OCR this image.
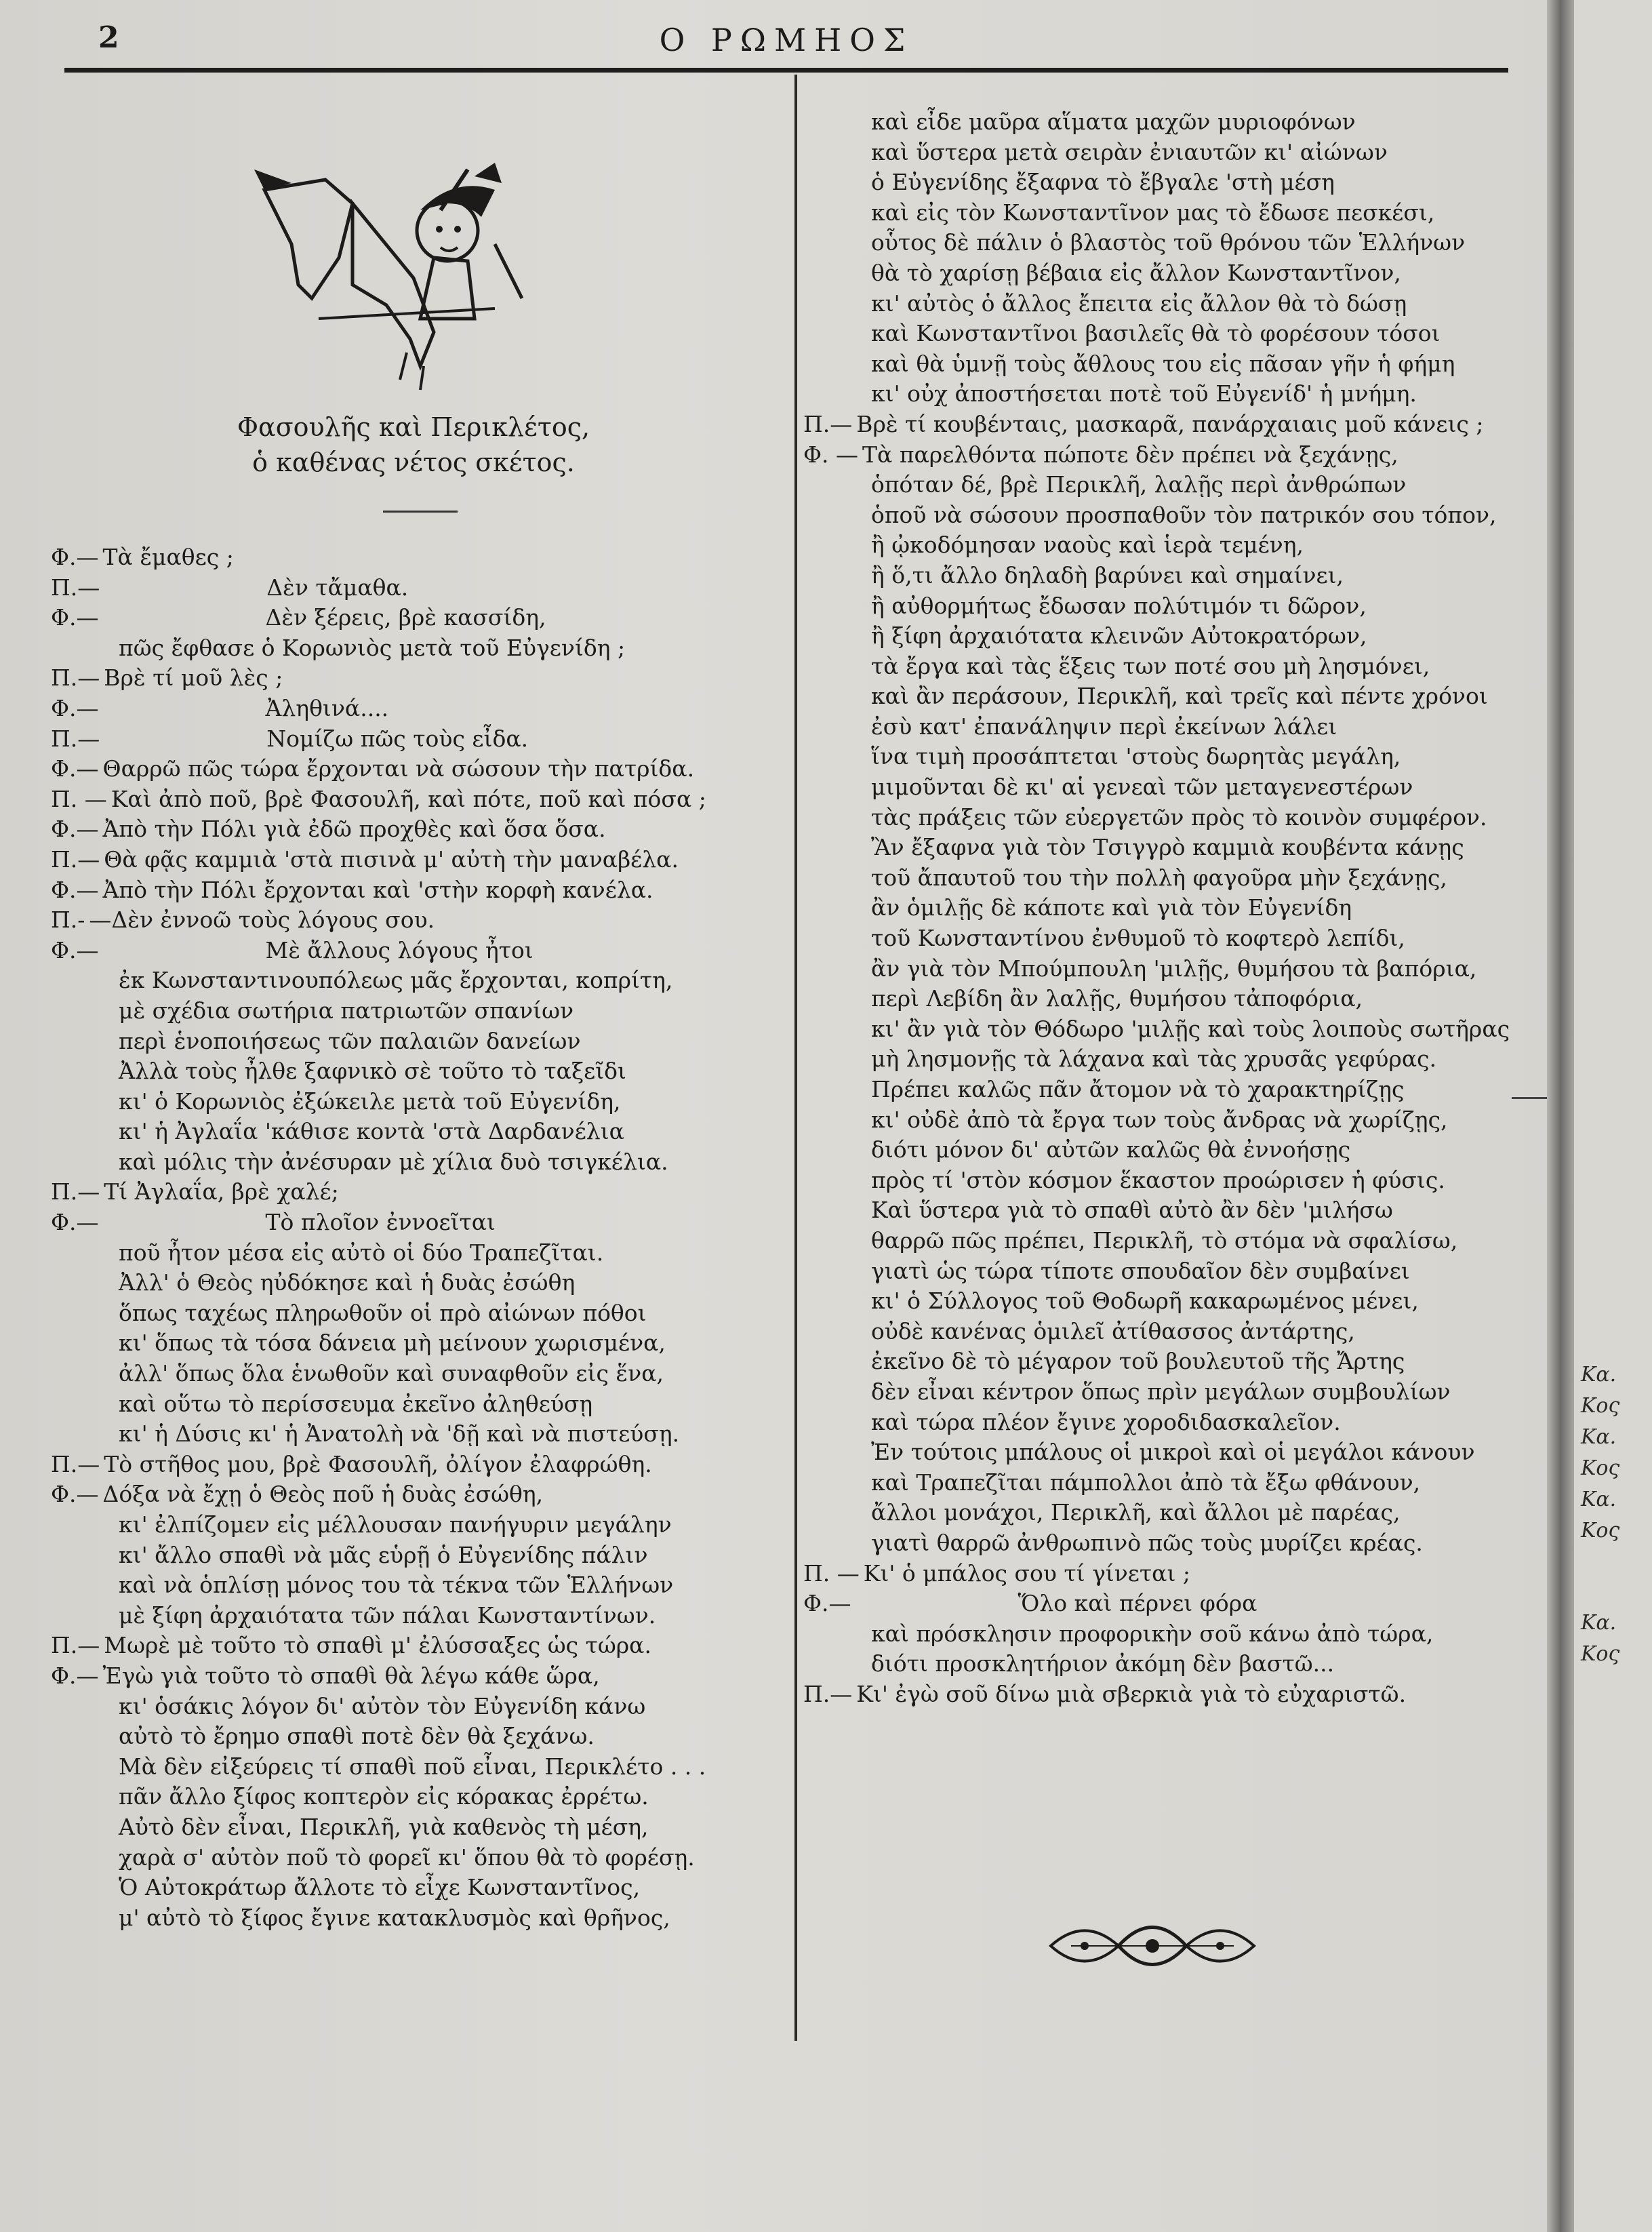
2	Ο ΡΩΜΗΟΣ
Φασουλῆς καὶ Περικλέτος,
ὁ καθένας νέτος σκέτος.
Φ.— Τὰ ἔμαθες ;
Π.—	Δὲν τἄμαθα.
Φ.—	Δὲν ξέρεις, βρὲ κασσίδη,
πῶς ἔφθασε ὁ Κορωνιὸς μετὰ τοῦ Εὐγενίδη ;
Π.— Βρὲ τί μοῦ λὲς ;
Φ.—	Ἀληθινά....
Π.—	Νομίζω πῶς τοὺς εἶδα.
Φ.— Θαρρῶ πῶς τώρα ἔρχονται νὰ σώσουν τὴν πατρίδα.
Π. — Καὶ ἀπὸ ποῦ, βρὲ Φασουλῆ, καὶ πότε, ποῦ καὶ πόσα ;
Φ.— Ἀπὸ τὴν Πόλι γιὰ ἐδῶ προχθὲς καὶ ὅσα ὅσα.
Π.— Θὰ φᾷς καμμιὰ 'στὰ πισινὰ μ' αὐτὴ τὴν μαναβέλα.
Φ.— Ἀπὸ τὴν Πόλι ἔρχονται καὶ 'στὴν κορφὴ κανέλα.
Π.- —Δὲν ἐννοῶ τοὺς λόγους σου.
Φ.—	Μὲ ἄλλους λόγους ἦτοι
ἐκ Κωνσταντινουπόλεως μᾶς ἔρχονται, κοπρίτη,
μὲ σχέδια σωτήρια πατριωτῶν σπανίων
περὶ ἑνοποιήσεως τῶν παλαιῶν δανείων
Ἀλλὰ τοὺς ἦλθε ξαφνικὸ σὲ τοῦτο τὸ ταξεῖδι
κι' ὁ Κορωνιὸς ἐξώκειλε μετὰ τοῦ Εὐγενίδη,
κι' ἡ Ἀγλαΐα 'κάθισε κοντὰ 'στὰ Δαρδανέλια
καὶ μόλις τὴν ἀνέσυραν μὲ χίλια δυὸ τσιγκέλια.
Π.— Τί Ἀγλαΐα, βρὲ χαλέ;
Φ.—	Τὸ πλοῖον ἐννοεῖται
ποῦ ἦτον μέσα εἰς αὐτὸ οἱ δύο Τραπεζῖται.
Ἀλλ' ὁ Θεὸς ηὐδόκησε καὶ ἡ δυὰς ἐσώθη
ὅπως ταχέως πληρωθοῦν οἱ πρὸ αἰώνων πόθοι
κι' ὅπως τὰ τόσα δάνεια μὴ μείνουν χωρισμένα,
ἀλλ' ὅπως ὅλα ἑνωθοῦν καὶ συναφθοῦν εἰς ἕνα,
καὶ οὕτω τὸ περίσσευμα ἐκεῖνο ἀληθεύσῃ
κι' ἡ Δύσις κι' ἡ Ἀνατολὴ νὰ 'δῇ καὶ νὰ πιστεύσῃ.
Π.— Τὸ στῆθος μου, βρὲ Φασουλῆ, ὀλίγον ἐλαφρώθη.
Φ.— Δόξα νὰ ἔχῃ ὁ Θεὸς ποῦ ἡ δυὰς ἐσώθη,
κι' ἐλπίζομεν εἰς μέλλουσαν πανήγυριν μεγάλην
κι' ἄλλο σπαθὶ νὰ μᾶς εὑρῇ ὁ Εὐγενίδης πάλιν
καὶ νὰ ὁπλίσῃ μόνος του τὰ τέκνα τῶν Ἑλλήνων
μὲ ξίφη ἀρχαιότατα τῶν πάλαι Κωνσταντίνων.
Π.— Μωρὲ μὲ τοῦτο τὸ σπαθὶ μ' ἐλύσσαξες ὡς τώρα.
Φ.— Ἐγὼ γιὰ τοῦτο τὸ σπαθὶ θὰ λέγω κάθε ὥρα,
κι' ὁσάκις λόγον δι' αὐτὸν τὸν Εὐγενίδη κάνω
αὐτὸ τὸ ἔρημο σπαθὶ ποτὲ δὲν θὰ ξεχάνω.
Μὰ δὲν εἰξεύρεις τί σπαθὶ ποῦ εἶναι, Περικλέτο . . .
πᾶν ἄλλο ξίφος κοπτερὸν εἰς κόρακας ἐρρέτω.
Αὐτὸ δὲν εἶναι, Περικλῆ, γιὰ καθενὸς τὴ μέση,
χαρὰ σ' αὐτὸν ποῦ τὸ φορεῖ κι' ὅπου θὰ τὸ φορέσῃ.
Ὁ Αὐτοκράτωρ ἄλλοτε τὸ εἶχε Κωνσταντῖνος,
μ' αὐτὸ τὸ ξίφος ἔγινε κατακλυσμὸς καὶ θρῆνος,
καὶ εἶδε μαῦρα αἵματα μαχῶν μυριοφόνων
καὶ ὕστερα μετὰ σειρὰν ἐνιαυτῶν κι' αἰώνων
ὁ Εὐγενίδης ἔξαφνα τὸ ἔβγαλε 'στὴ μέση
καὶ εἰς τὸν Κωνσταντῖνον μας τὸ ἔδωσε πεσκέσι,
οὗτος δὲ πάλιν ὁ βλαστὸς τοῦ θρόνου τῶν Ἑλλήνων
θὰ τὸ χαρίσῃ βέβαια εἰς ἄλλον Κωνσταντῖνον,
κι' αὐτὸς ὁ ἄλλος ἔπειτα εἰς ἄλλον θὰ τὸ δώσῃ
καὶ Κωνσταντῖνοι βασιλεῖς θὰ τὸ φορέσουν τόσοι
καὶ θὰ ὑμνῇ τοὺς ἄθλους του εἰς πᾶσαν γῆν ἡ φήμη
κι' οὐχ ἀποστήσεται ποτὲ τοῦ Εὐγενίδ' ἡ μνήμη.
Π.— Βρὲ τί κουβένταις, μασκαρᾶ, πανάρχαιαις μοῦ κάνεις ;
Φ. — Τὰ παρελθόντα πώποτε δὲν πρέπει νὰ ξεχάνῃς,
ὁπόταν δέ, βρὲ Περικλῆ, λαλῇς περὶ ἀνθρώπων
ὁποῦ νὰ σώσουν προσπαθοῦν τὸν πατρικόν σου τόπον,
ἢ ᾠκοδόμησαν ναοὺς καὶ ἱερὰ τεμένη,
ἢ ὅ,τι ἄλλο δηλαδὴ βαρύνει καὶ σημαίνει,
ἢ αὐθορμήτως ἔδωσαν πολύτιμόν τι δῶρον,
ἢ ξίφη ἀρχαιότατα κλεινῶν Αὐτοκρατόρων,
τὰ ἔργα καὶ τὰς ἕξεις των ποτέ σου μὴ λησμόνει,
καὶ ἂν περάσουν, Περικλῆ, καὶ τρεῖς καὶ πέντε χρόνοι
ἐσὺ κατ' ἐπανάληψιν περὶ ἐκείνων λάλει
ἵνα τιμὴ προσάπτεται 'στοὺς δωρητὰς μεγάλη,
μιμοῦνται δὲ κι' αἱ γενεαὶ τῶν μεταγενεστέρων
τὰς πράξεις τῶν εὐεργετῶν πρὸς τὸ κοινὸν συμφέρον.
Ἂν ἔξαφνα γιὰ τὸν Τσιγγρὸ καμμιὰ κουβέντα κάνῃς
τοῦ ἄπαυτοῦ του τὴν πολλὴ φαγοῦρα μὴν ξεχάνῃς,
ἂν ὁμιλῇς δὲ κάποτε καὶ γιὰ τὸν Εὐγενίδη
τοῦ Κωνσταντίνου ἐνθυμοῦ τὸ κοφτερὸ λεπίδι,
ἂν γιὰ τὸν Μπούμπουλη 'μιλῇς, θυμήσου τὰ βαπόρια,
περὶ Λεβίδη ἂν λαλῇς, θυμήσου τἀποφόρια,
κι' ἂν γιὰ τὸν Θόδωρο 'μιλῇς καὶ τοὺς λοιποὺς σωτῆρας
μὴ λησμονῇς τὰ λάχανα καὶ τὰς χρυσᾶς γεφύρας.
Πρέπει καλῶς πᾶν ἄτομον νὰ τὸ χαρακτηρίζῃς
κι' οὐδὲ ἀπὸ τὰ ἔργα των τοὺς ἄνδρας νὰ χωρίζῃς,
διότι μόνον δι' αὐτῶν καλῶς θὰ ἐννοήσῃς
πρὸς τί 'στὸν κόσμον ἕκαστον προώρισεν ἡ φύσις.
Καὶ ὕστερα γιὰ τὸ σπαθὶ αὐτὸ ἂν δὲν 'μιλήσω
θαρρῶ πῶς πρέπει, Περικλῆ, τὸ στόμα νὰ σφαλίσω,
γιατὶ ὡς τώρα τίποτε σπουδαῖον δὲν συμβαίνει
κι' ὁ Σύλλογος τοῦ Θοδωρῆ κακαρωμένος μένει,
οὐδὲ κανένας ὁμιλεῖ ἀτίθασσος ἀντάρτης,
ἐκεῖνο δὲ τὸ μέγαρον τοῦ βουλευτοῦ τῆς Ἄρτης
δὲν εἶναι κέντρον ὅπως πρὶν μεγάλων συμβουλίων
καὶ τώρα πλέον ἔγινε χοροδιδασκαλεῖον.
Ἐν τούτοις μπάλους οἱ μικροὶ καὶ οἱ μεγάλοι κάνουν
καὶ Τραπεζῖται πάμπολλοι ἀπὸ τὰ ἔξω φθάνουν,
ἄλλοι μονάχοι, Περικλῆ, καὶ ἄλλοι μὲ παρέας,
γιατὶ θαρρῶ ἀνθρωπινὸ πῶς τοὺς μυρίζει κρέας.
Π. — Κι' ὁ μπάλος σου τί γίνεται ;
Φ.—	Ὅλο καὶ πέρνει φόρα
καὶ πρόσκλησιν προφορικὴν σοῦ κάνω ἀπὸ τώρα,
διότι προσκλητήριον ἀκόμη δὲν βαστῶ...
Π.— Κι' ἐγὼ σοῦ δίνω μιὰ σβερκιὰ γιὰ τὸ εὐχαριστῶ.
Κα.
Κος
Κα.
Κος
Κα.
Κος
Κα.
Κος
